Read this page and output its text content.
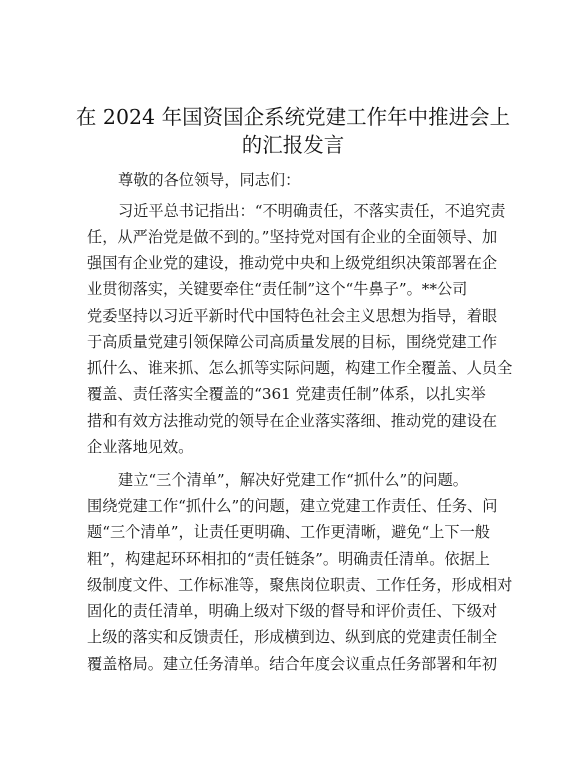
在 2024 年国资国企系统党建工作年中推进会上
的汇报发言
尊敬的各位领导，同志们：
习近平总书记指出：“不明确责任，不落实责任，不追究责
任，从严治党是做不到的。”坚持党对国有企业的全面领导、加
强国有企业党的建设，推动党中央和上级党组织决策部署在企
业贯彻落实，关键要牵住“责任制”这个“牛鼻子”。**公司
党委坚持以习近平新时代中国特色社会主义思想为指导，着眼
于高质量党建引领保障公司高质量发展的目标，围绕党建工作
抓什么、谁来抓、怎么抓等实际问题，构建工作全覆盖、人员全
覆盖、责任落实全覆盖的“361 党建责任制”体系，以扎实举
措和有效方法推动党的领导在企业落实落细、推动党的建设在
企业落地见效。
建立“三个清单”，解决好党建工作“抓什么”的问题。
围绕党建工作“抓什么”的问题，建立党建工作责任、任务、问
题“三个清单”，让责任更明确、工作更清晰，避免“上下一般
粗”，构建起环环相扣的“责任链条”。明确责任清单。依据上
级制度文件、工作标准等，聚焦岗位职责、工作任务，形成相对
固化的责任清单，明确上级对下级的督导和评价责任、下级对
上级的落实和反馈责任，形成横到边、纵到底的党建责任制全
覆盖格局。建立任务清单。结合年度会议重点任务部署和年初
